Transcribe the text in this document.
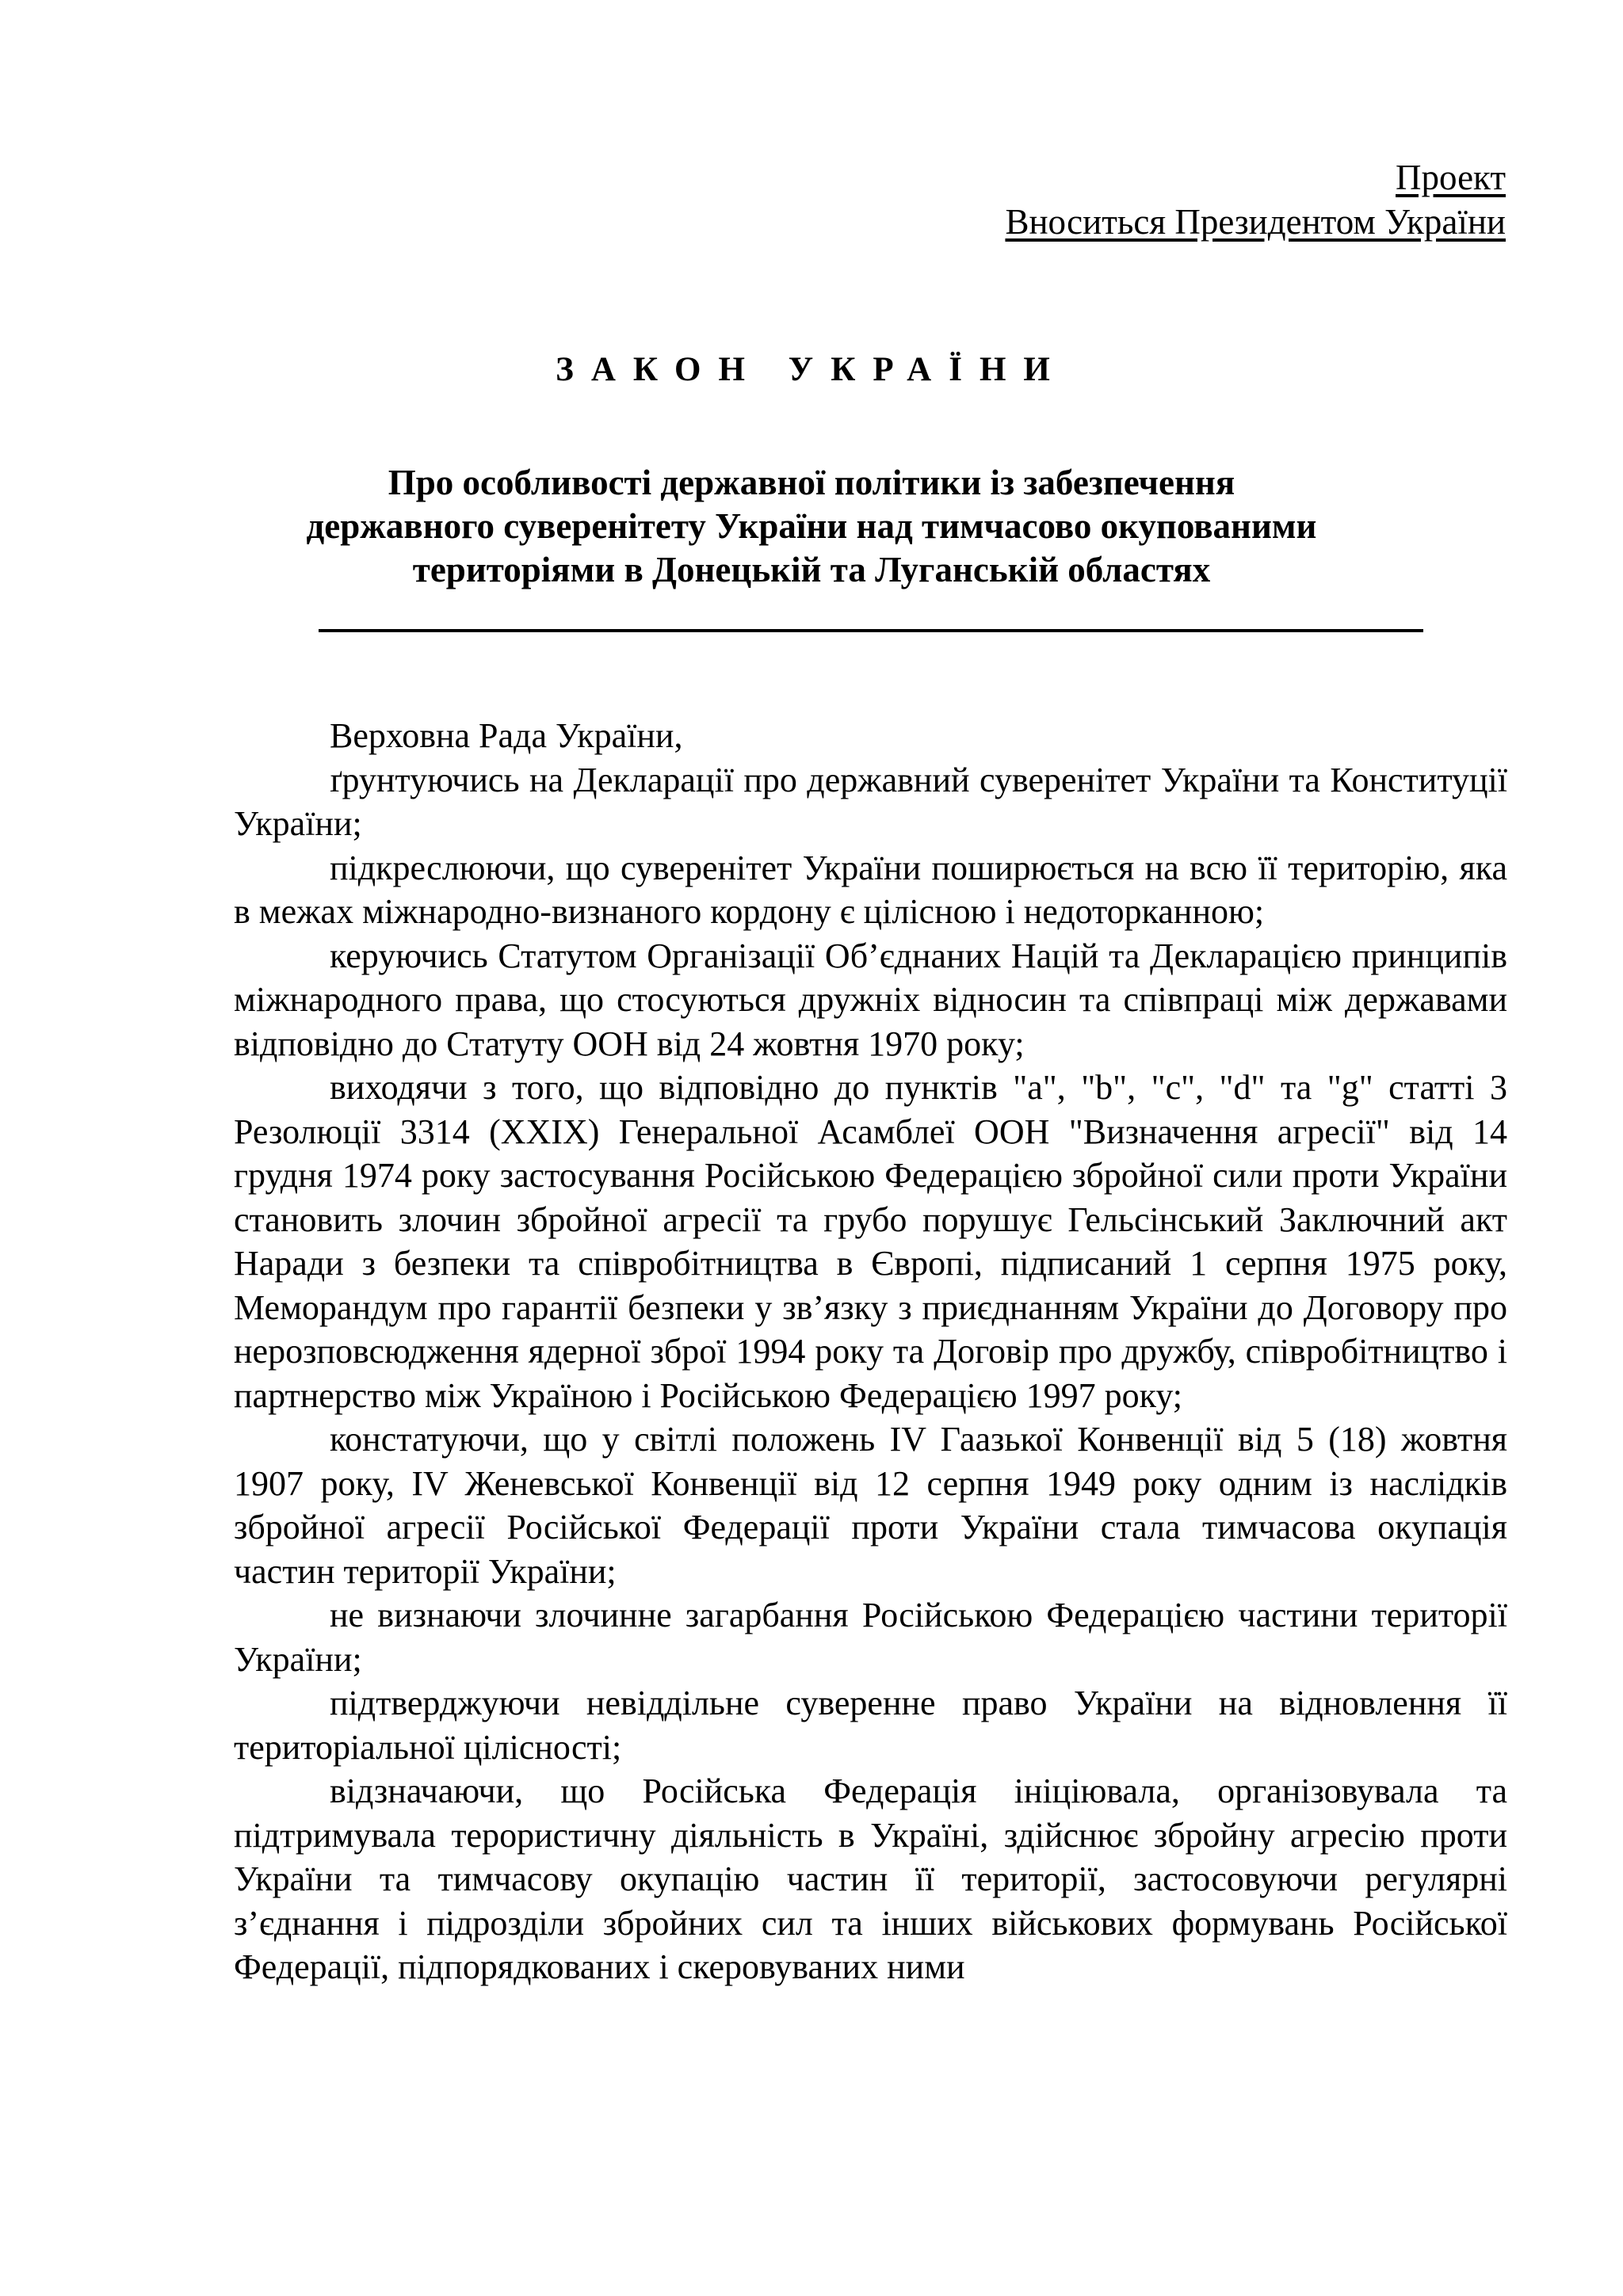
Проект
Вноситься Президентом України
ЗАКОН УКРАЇНИ
Про особливості державної політики із забезпечення
державного суверенітету України над тимчасово окупованими
територіями в Донецькій та Луганській областях

Верховна Рада України,

ґрунтуючись на Декларації про державний суверенітет України та Конституції України;

підкреслюючи, що суверенітет України поширюється на всю її територію, яка в межах міжнародно-визнаного кордону є цілісною і недоторканною;

керуючись Статутом Організації Об’єднаних Націй та Декларацією принципів міжнародного права, що стосуються дружніх відносин та співпраці між державами відповідно до Статуту ООН від 24 жовтня 1970 року;

виходячи з того, що відповідно до пунктів "a", "b", "c", "d" та "g" статті 3 Резолюції 3314 (XXIX) Генеральної Асамблеї ООН "Визначення агресії" від 14 грудня 1974 року застосування Російською Федерацією збройної сили проти України становить злочин збройної агресії та грубо порушує Гельсінський Заключний акт Наради з безпеки та співробітництва в Європі, підписаний 1 серпня 1975 року, Меморандум про гарантії безпеки у зв’язку з приєднанням України до Договору про нерозповсюдження ядерної зброї 1994 року та Договір про дружбу, співробітництво і партнерство між Україною і Російською Федерацією 1997 року;

констатуючи, що у світлі положень IV Гаазької Конвенції від 5 (18) жовтня 1907 року, IV Женевської Конвенції від 12 серпня 1949 року одним із наслідків збройної агресії Російської Федерації проти України стала тимчасова окупація частин території України;

не визнаючи злочинне загарбання Російською Федерацією частини території України;

підтверджуючи невіддільне суверенне право України на відновлення її територіальної цілісності;

відзначаючи, що Російська Федерація ініціювала, організовувала та підтримувала терористичну діяльність в Україні, здійснює збройну агресію проти України та тимчасову окупацію частин її території, застосовуючи регулярні з’єднання і підрозділи збройних сил та інших військових формувань Російської Федерації, підпорядкованих і скеровуваних ними
